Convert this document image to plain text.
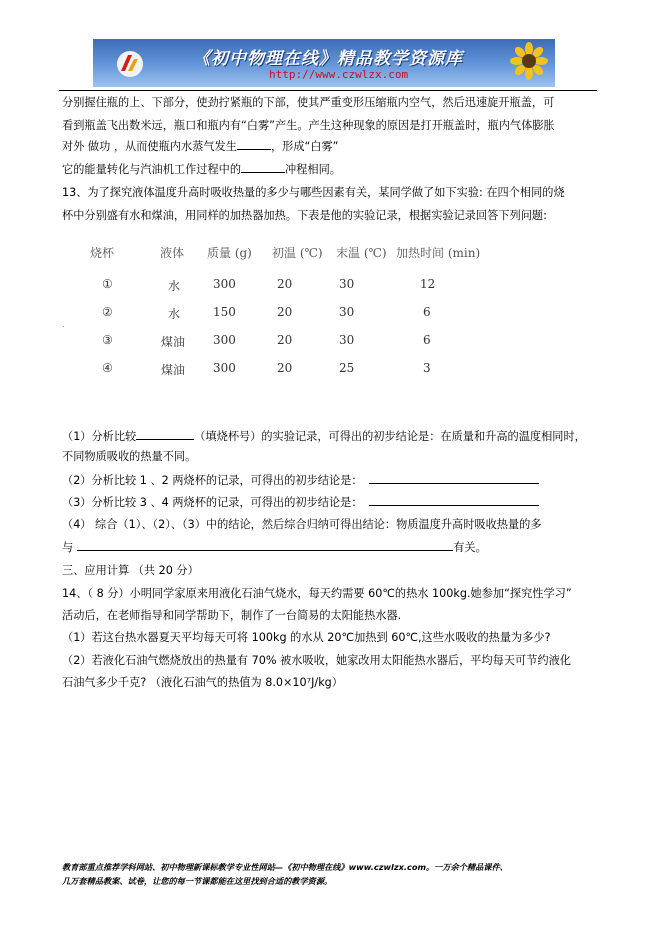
《初中物理在线》精品教学资源库
http://www.czwlzx.com
分别握住瓶的上、下部分，使劲拧紧瓶的下部，使其严重变形压缩瓶内空气，然后迅速旋开瓶盖，可
看到瓶盖飞出数米远，瓶口和瓶内有“白雾”产生。产生这种现象的原因是打开瓶盖时，瓶内气体膨胀
对外 做功 ，从而使瓶内水蒸气发生	，形成“白雾”
它的能量转化与汽油机工作过程中的	冲程相同。
13、为了探究液体温度升高时吸收热量的多少与哪些因素有关，某同学做了如下实验: 在四个相同的烧
杯中分别盛有水和煤油，用同样的加热器加热。下表是他的实验记录，根据实验记录回答下列问题:
烧杯	液体 质量 (g) 初温 (℃) 末温 (℃) 加热时间 (min)
①	水	300	20	30	12
②	水	150	20	30	6
③	煤油 300	20	30	6
④	煤油 300	20	25	3
.
（1）分析比较	（填烧杯号）的实验记录，可得出的初步结论是：在质量和升高的温度相同时，
不同物质吸收的热量不同。
（2）分析比较 1 、2 两烧杯的记录，可得出的初步结论是：
（3）分析比较 3 、4 两烧杯的记录，可得出的初步结论是：
（4） 综合（1）、（2）、（3）中的结论，然后综合归纳可得出结论：物质温度升高时吸收热量的多
与	有关。
三、应用计算 （共 20 分）
14、（ 8 分）小明同学家原来用液化石油气烧水，每天约需要 60℃的热水 100kg.她参加“探究性学习”
活动后，在老师指导和同学帮助下，制作了一台简易的太阳能热水器.
（1）若这台热水器夏天平均每天可将 100kg 的水从 20℃加热到 60℃,这些水吸收的热量为多少?
（2）若液化石油气燃烧放出的热量有 70% 被水吸收，她家改用太阳能热水器后，平均每天可节约液化
石油气多少千克? （液化石油气的热值为 8.0×10⁷J/kg）
教育部重点推荐学科网站、初中物理新课标教学专业性网站—《初中物理在线》www.czwlzx.com。一万余个精品课件、
几万套精品教案、试卷，让您的每一节课都能在这里找到合适的教学资源。
